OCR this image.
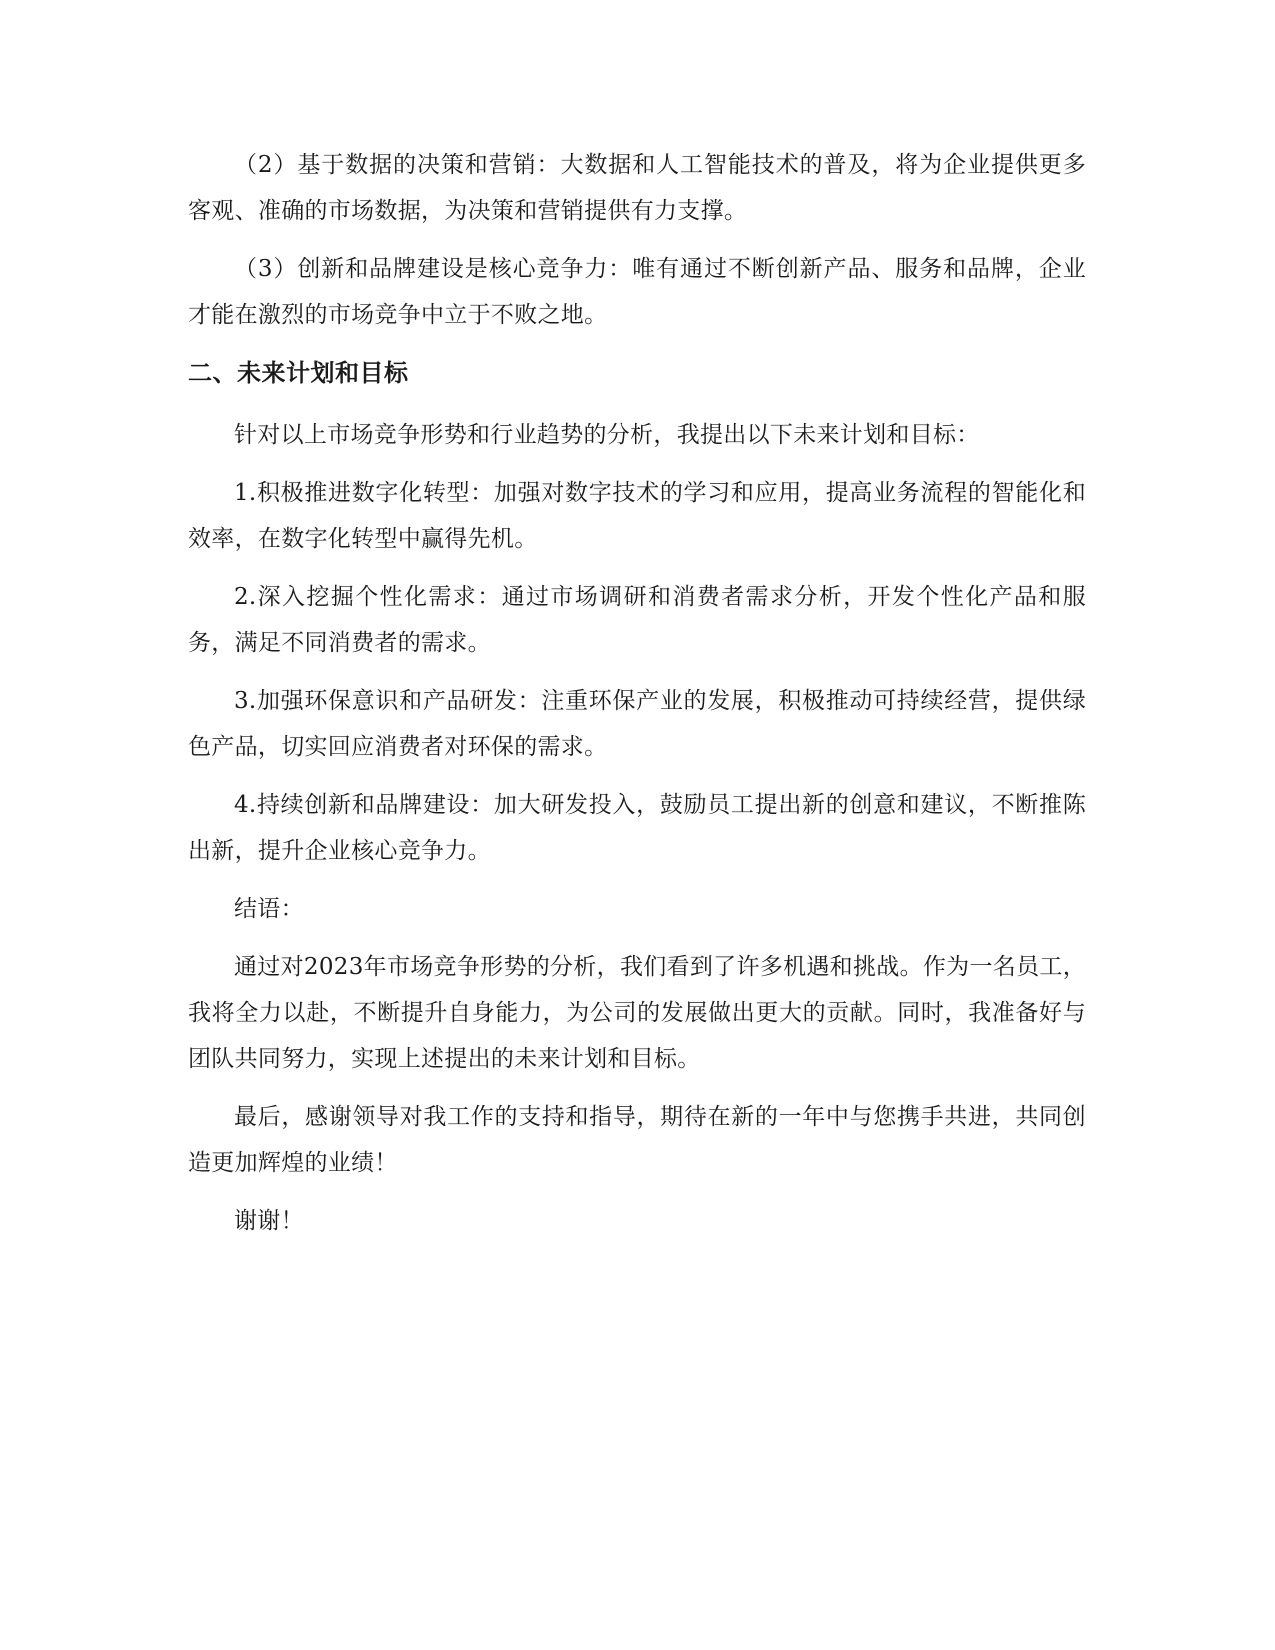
（2）基于数据的决策和营销：大数据和人工智能技术的普及，将为企业提供更多客观、准确的市场数据，为决策和营销提供有力支撑。

（3）创新和品牌建设是核心竞争力：唯有通过不断创新产品、服务和品牌，企业才能在激烈的市场竞争中立于不败之地。

二、未来计划和目标

针对以上市场竞争形势和行业趋势的分析，我提出以下未来计划和目标：

1.积极推进数字化转型：加强对数字技术的学习和应用，提高业务流程的智能化和效率，在数字化转型中赢得先机。

2.深入挖掘个性化需求：通过市场调研和消费者需求分析，开发个性化产品和服务，满足不同消费者的需求。

3.加强环保意识和产品研发：注重环保产业的发展，积极推动可持续经营，提供绿色产品，切实回应消费者对环保的需求。

4.持续创新和品牌建设：加大研发投入，鼓励员工提出新的创意和建议，不断推陈出新，提升企业核心竞争力。

结语：

通过对2023年市场竞争形势的分析，我们看到了许多机遇和挑战。作为一名员工，我将全力以赴，不断提升自身能力，为公司的发展做出更大的贡献。同时，我准备好与团队共同努力，实现上述提出的未来计划和目标。

最后，感谢领导对我工作的支持和指导，期待在新的一年中与您携手共进，共同创造更加辉煌的业绩！

谢谢！
